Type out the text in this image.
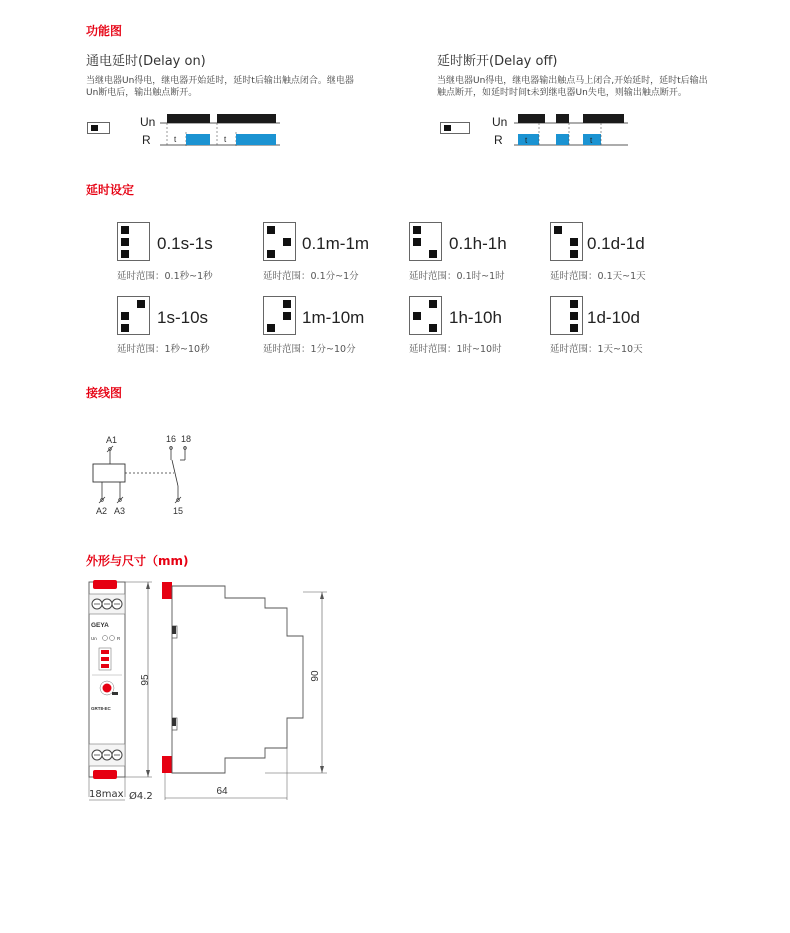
功能图
通电延时(Delay on)
当继电器Un得电，继电器开始延时，延时t后输出触点闭合。继电器
Un断电后，输出触点断开。
Un
R	t	t
延时断开(Delay off)
当继电器Un得电，继电器输出触点马上闭合,开始延时，延时t后输出
触点断开，如延时时间t未到继电器Un失电，则输出触点断开。
Un
R	t	t
延时设定
0.1s-1s
延时范围：0.1秒~1秒
0.1m-1m
延时范围：0.1分~1分
0.1h-1h
延时范围：0.1时~1时
0.1d-1d
延时范围：0.1天~1天
1s-10s
延时范围：1秒~10秒
1m-10m
延时范围：1分~10分
1h-10h
延时范围：1时~10时
1d-10d
延时范围：1天~10天
接线图
A1
A2 A3
16 18
15
外形与尺寸（mm)
GEYA
Un	R
GRT8-EC
95
18max Ø4.2
90
64
